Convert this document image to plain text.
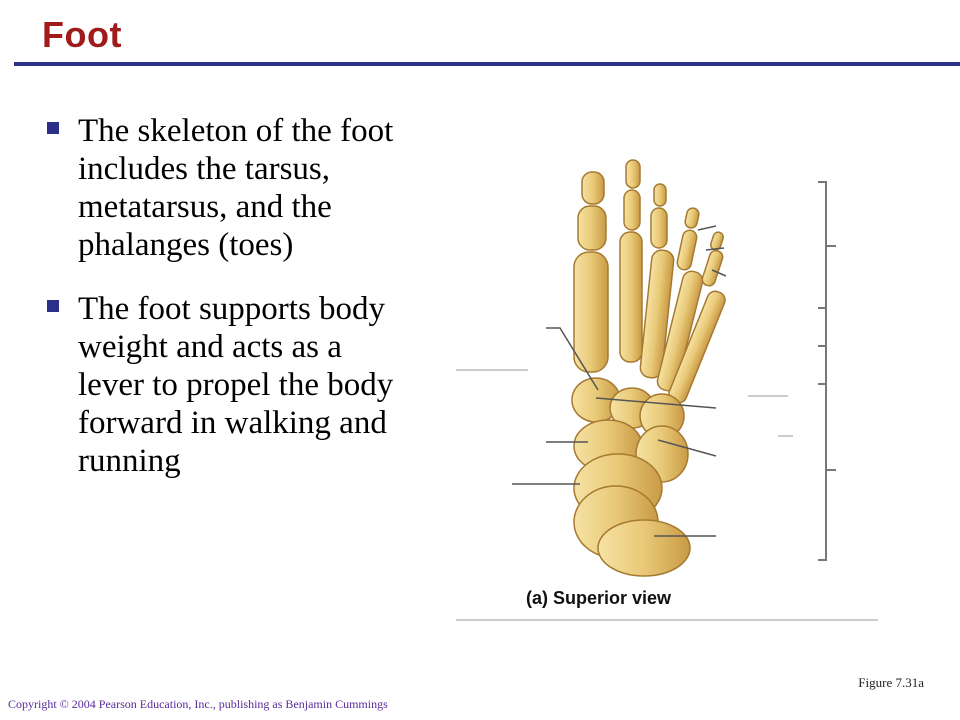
Foot
The skeleton of the foot includes the tarsus, metatarsus, and the phalanges (toes)
The foot supports body weight and acts as a lever to propel the body forward in walking and running
(a) Superior view
Figure 7.31a
Copyright © 2004 Pearson Education, Inc., publishing as Benjamin Cummings
